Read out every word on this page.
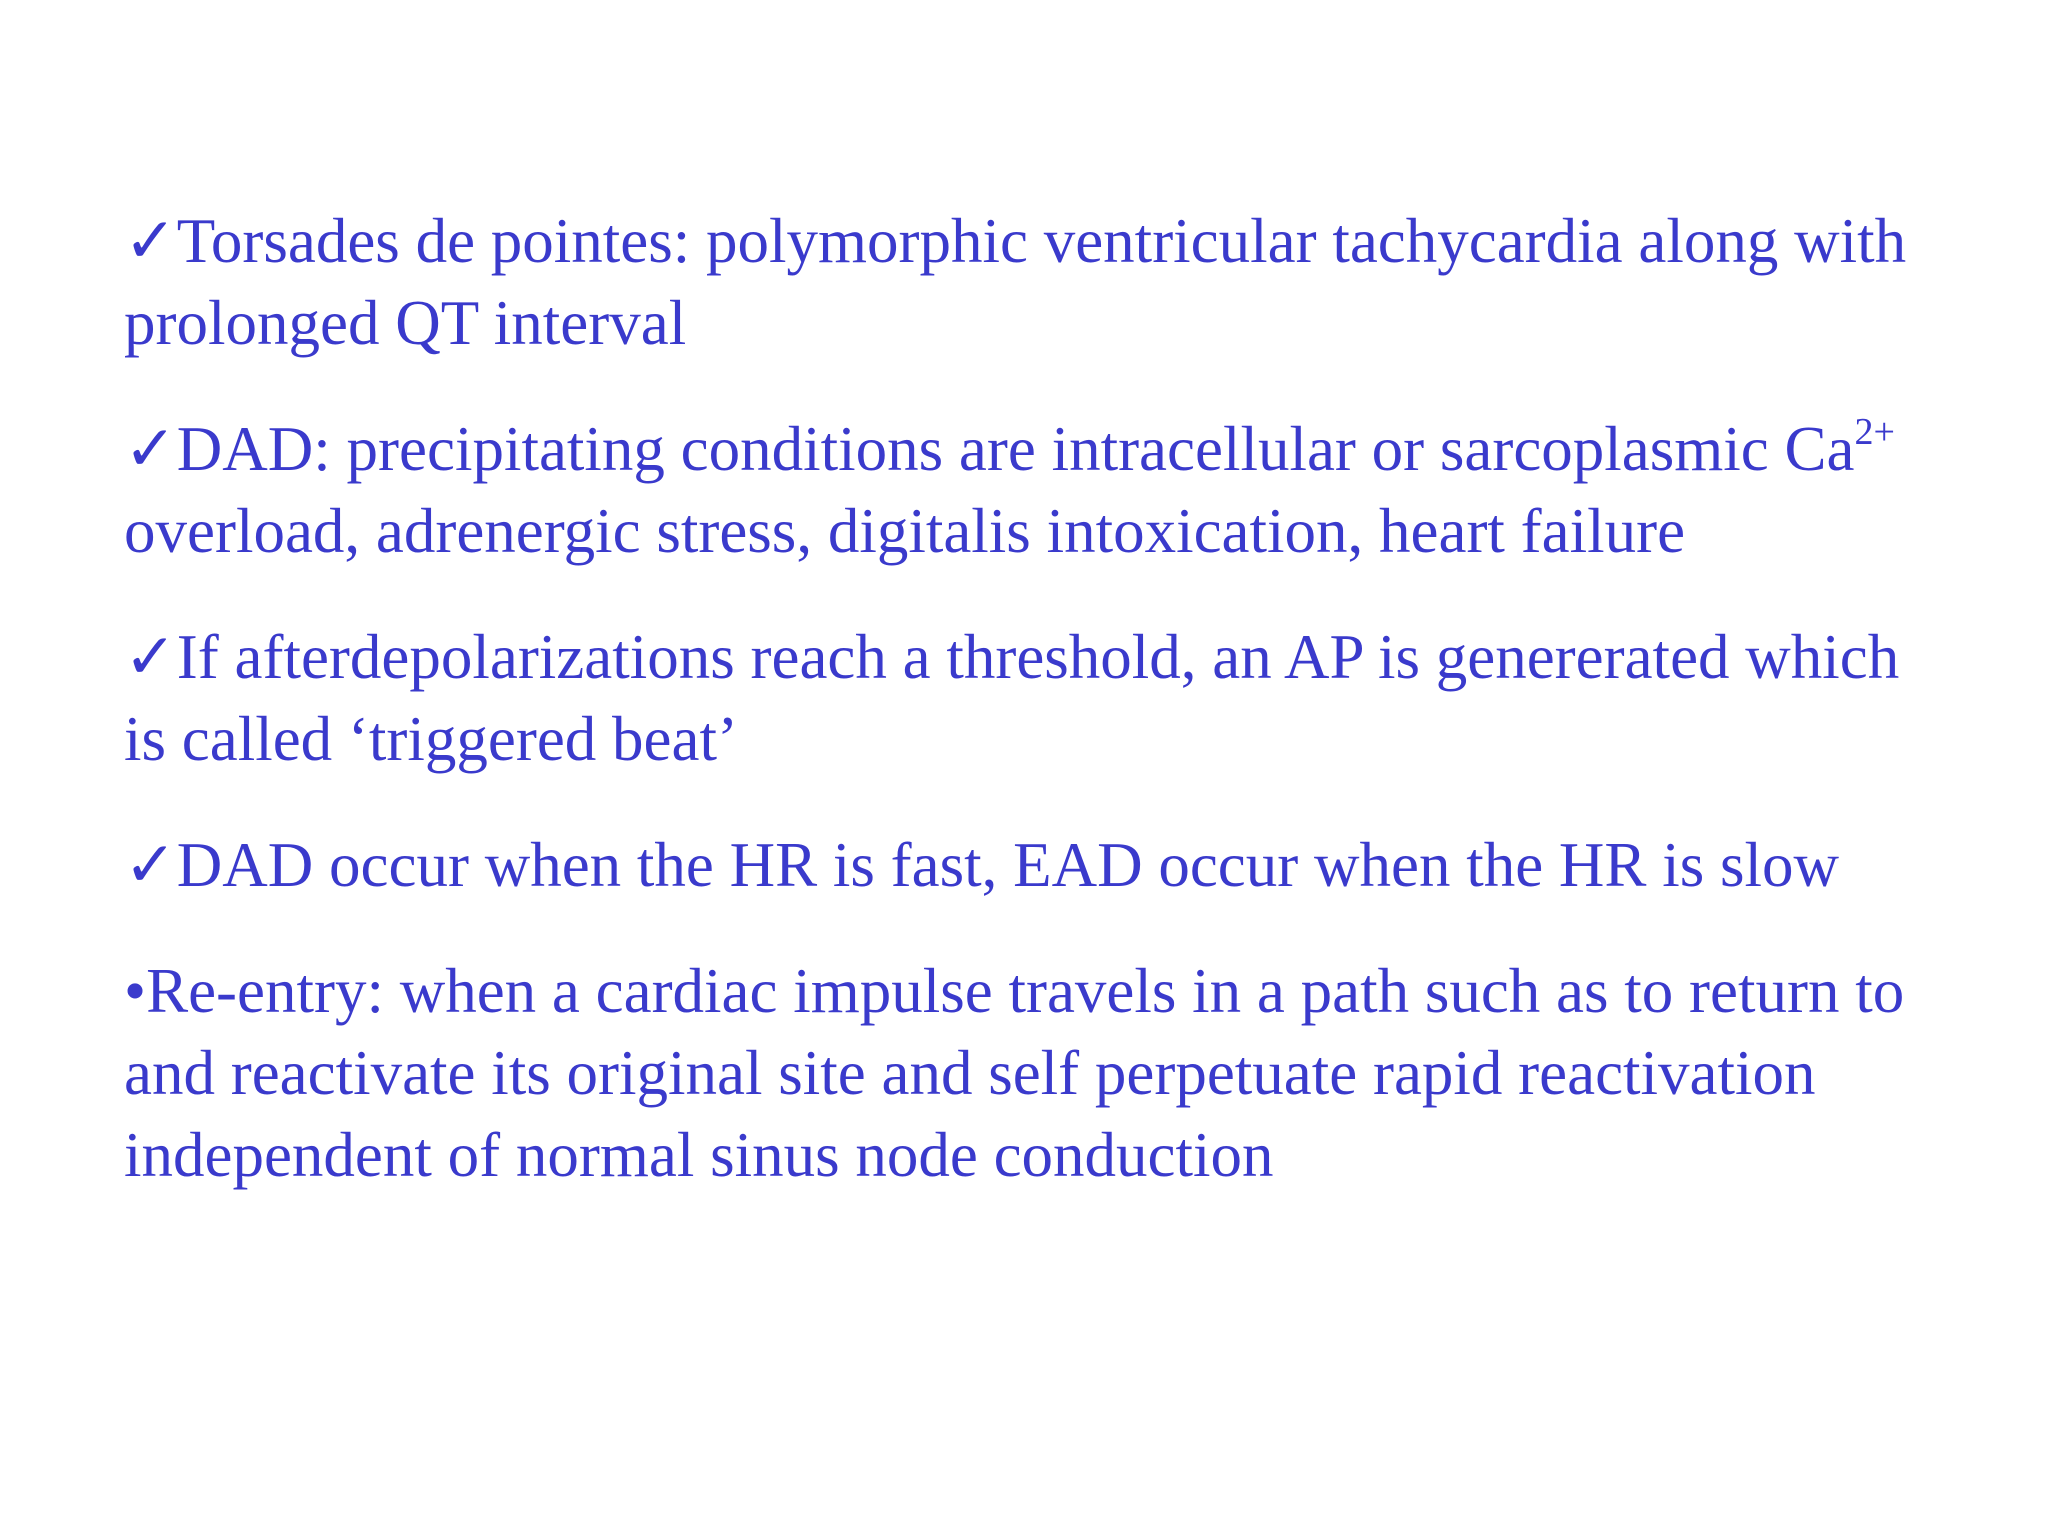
✓Torsades de pointes: polymorphic ventricular tachycardia along with prolonged QT interval

✓DAD: precipitating conditions are intracellular or sarcoplasmic $Ca^{2+}$ overload, adrenergic stress, digitalis intoxication, heart failure

✓If afterdepolarizations reach a threshold, an AP is genererated which is called ‘triggered beat’

✓DAD occur when the HR is fast, EAD occur when the HR is slow

•Re-entry: when a cardiac impulse travels in a path such as to return to and reactivate its original site and self perpetuate rapid reactivation independent of normal sinus node conduction
